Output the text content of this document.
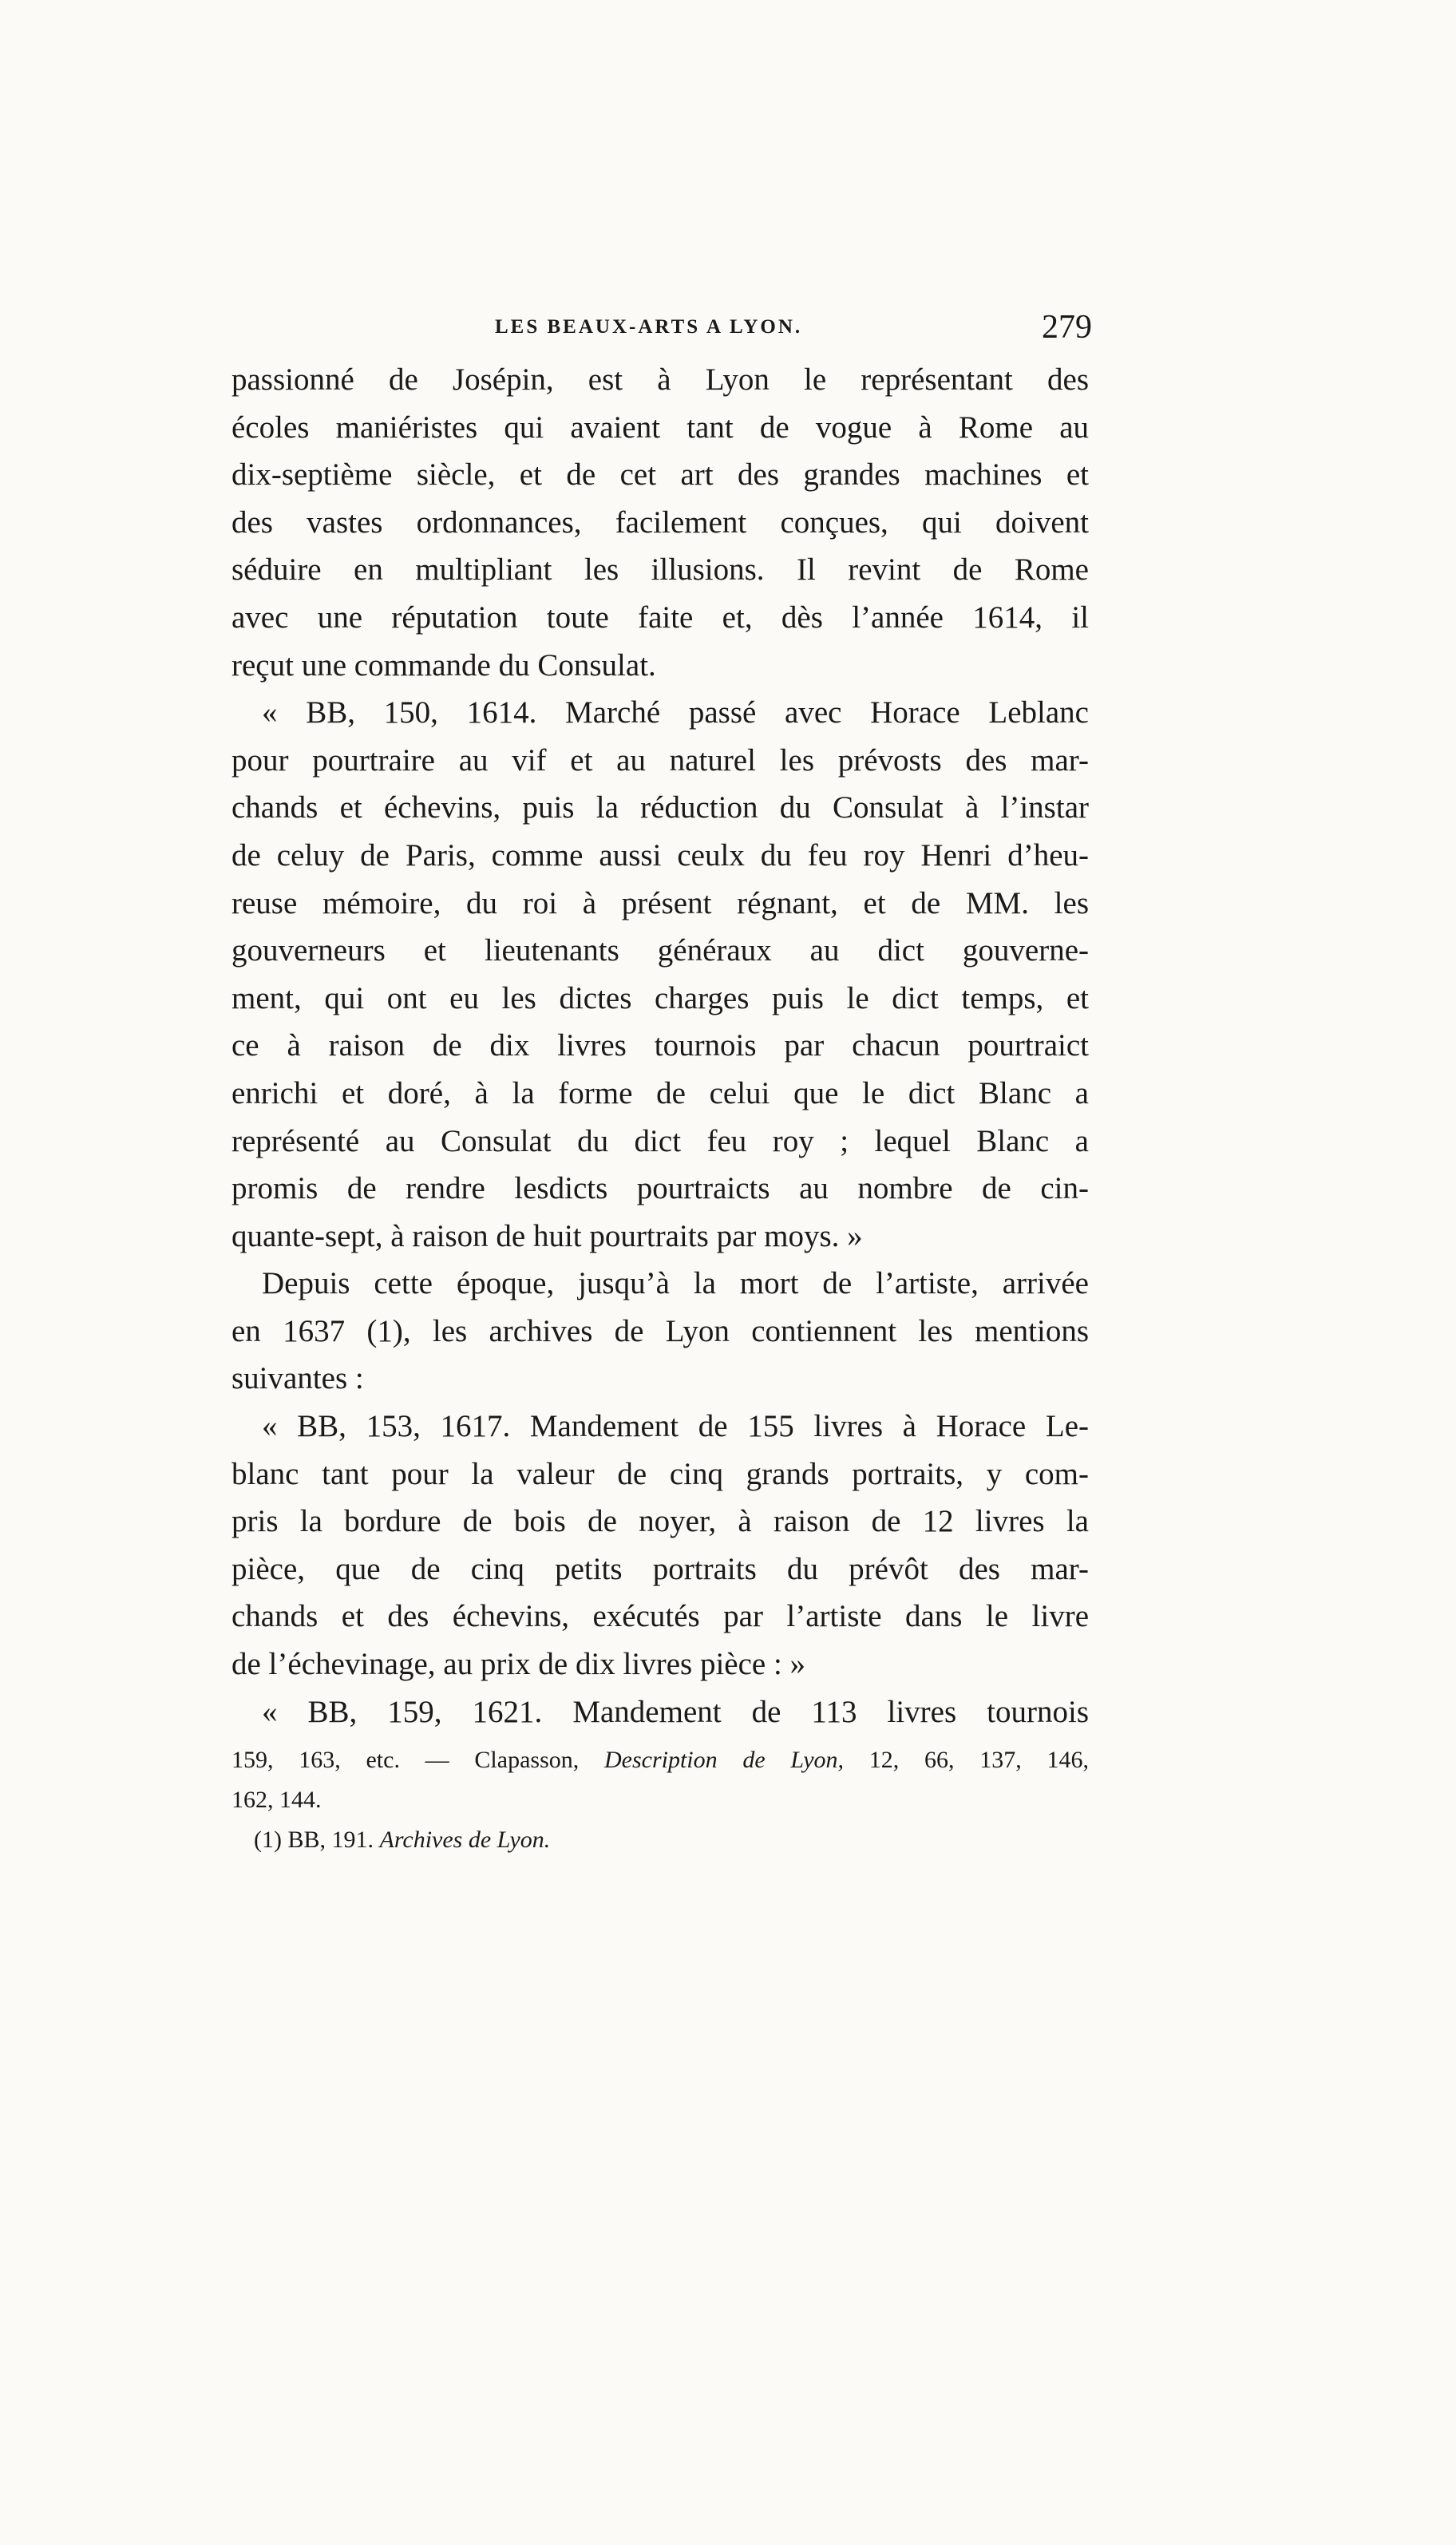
LES BEAUX-ARTS A LYON.	279
passionné de Josépin, est à Lyon le représentant des
écoles maniéristes qui avaient tant de vogue à Rome au
dix-septième siècle, et de cet art des grandes machines et
des vastes ordonnances, facilement conçues, qui doivent
séduire en multipliant les illusions. Il revint de Rome
avec une réputation toute faite et, dès l’année 1614, il
reçut une commande du Consulat.
« BB, 150, 1614. Marché passé avec Horace Leblanc
pour pourtraire au vif et au naturel les prévosts des mar-
chands et échevins, puis la réduction du Consulat à l’instar
de celuy de Paris, comme aussi ceulx du feu roy Henri d’heu-
reuse mémoire, du roi à présent régnant, et de MM. les
gouverneurs et lieutenants généraux au dict gouverne-
ment, qui ont eu les dictes charges puis le dict temps, et
ce à raison de dix livres tournois par chacun pourtraict
enrichi et doré, à la forme de celui que le dict Blanc a
représenté au Consulat du dict feu roy ; lequel Blanc a
promis de rendre lesdicts pourtraicts au nombre de cin-
quante-sept, à raison de huit pourtraits par moys. »
Depuis cette époque, jusqu’à la mort de l’artiste, arrivée
en 1637 (1), les archives de Lyon contiennent les mentions
suivantes :
« BB, 153, 1617. Mandement de 155 livres à Horace Le-
blanc tant pour la valeur de cinq grands portraits, y com-
pris la bordure de bois de noyer, à raison de 12 livres la
pièce, que de cinq petits portraits du prévôt des mar-
chands et des échevins, exécutés par l’artiste dans le livre
de l’échevinage, au prix de dix livres pièce : »
« BB, 159, 1621. Mandement de 113 livres tournois
159, 163, etc. — Clapasson, Description de Lyon, 12, 66, 137, 146,
162, 144.
(1) BB, 191. Archives de Lyon.
